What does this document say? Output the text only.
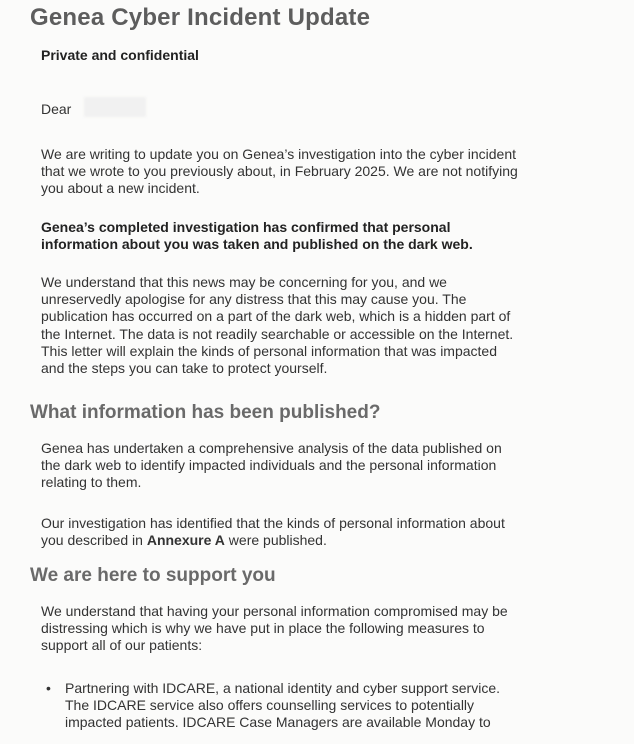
Genea Cyber Incident Update
Private and confidential
Dear
We are writing to update you on Genea’s investigation into the cyber incident
that we wrote to you previously about, in February 2025. We are not notifying
you about a new incident.
Genea’s completed investigation has confirmed that personal
information about you was taken and published on the dark web.
We understand that this news may be concerning for you, and we
unreservedly apologise for any distress that this may cause you. The
publication has occurred on a part of the dark web, which is a hidden part of
the Internet. The data is not readily searchable or accessible on the Internet.
This letter will explain the kinds of personal information that was impacted
and the steps you can take to protect yourself.
What information has been published?
Genea has undertaken a comprehensive analysis of the data published on
the dark web to identify impacted individuals and the personal information
relating to them.
Our investigation has identified that the kinds of personal information about
you described in Annexure A were published.
We are here to support you
We understand that having your personal information compromised may be
distressing which is why we have put in place the following measures to
support all of our patients:
•	Partnering with IDCARE, a national identity and cyber support service.
The IDCARE service also offers counselling services to potentially
impacted patients. IDCARE Case Managers are available Monday to
